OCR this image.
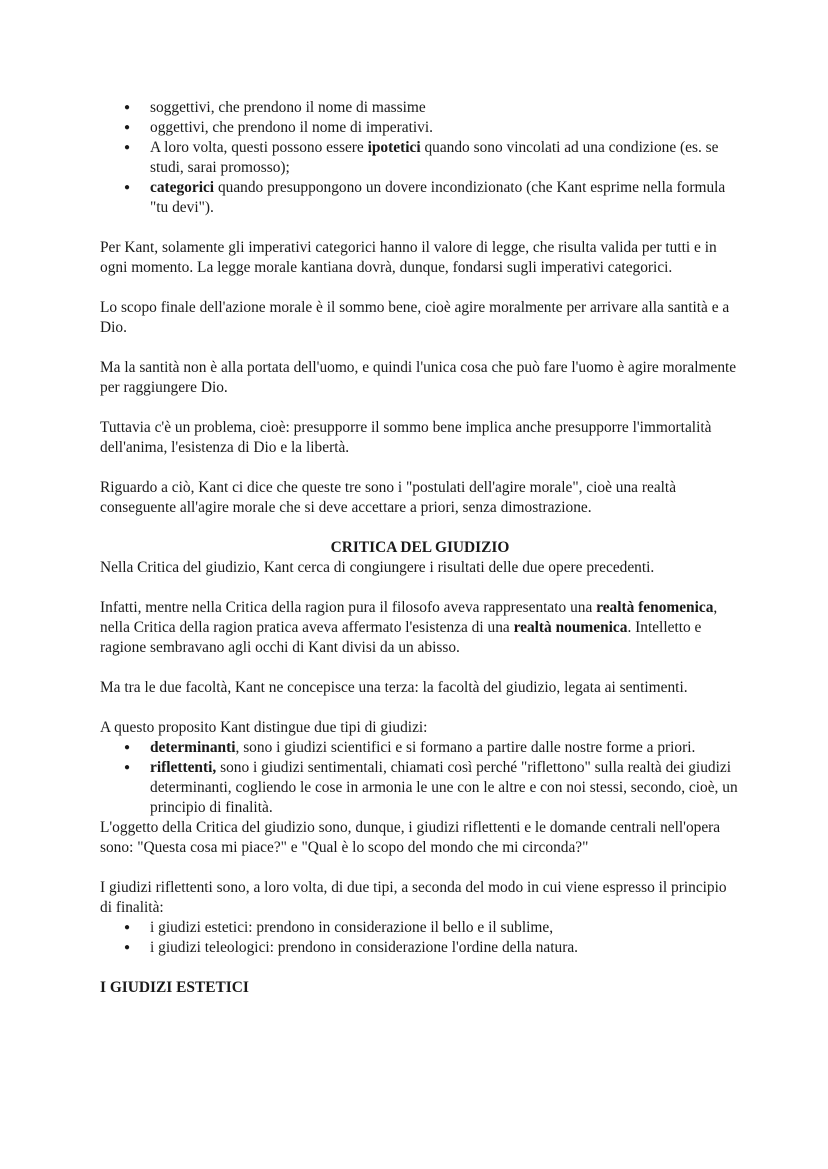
● soggettivi, che prendono il nome di massime
● oggettivi, che prendono il nome di imperativi.
● A loro volta, questi possono essere ipotetici quando sono vincolati ad una condizione (es. se studi, sarai promosso);
● categorici quando presuppongono un dovere incondizionato (che Kant esprime nella formula "tu devi").

Per Kant, solamente gli imperativi categorici hanno il valore di legge, che risulta valida per tutti e in ogni momento. La legge morale kantiana dovrà, dunque, fondarsi sugli imperativi categorici.

Lo scopo finale dell'azione morale è il sommo bene, cioè agire moralmente per arrivare alla santità e a Dio.

Ma la santità non è alla portata dell'uomo, e quindi l'unica cosa che può fare l'uomo è agire moralmente per raggiungere Dio.

Tuttavia c'è un problema, cioè: presupporre il sommo bene implica anche presupporre l'immortalità dell'anima, l'esistenza di Dio e la libertà.

Riguardo a ciò, Kant ci dice che queste tre sono i "postulati dell'agire morale", cioè una realtà conseguente all'agire morale che si deve accettare a priori, senza dimostrazione.

CRITICA DEL GIUDIZIO

Nella Critica del giudizio, Kant cerca di congiungere i risultati delle due opere precedenti.

Infatti, mentre nella Critica della ragion pura il filosofo aveva rappresentato una realtà fenomenica, nella Critica della ragion pratica aveva affermato l'esistenza di una realtà noumenica. Intelletto e ragione sembravano agli occhi di Kant divisi da un abisso.

Ma tra le due facoltà, Kant ne concepisce una terza: la facoltà del giudizio, legata ai sentimenti.

A questo proposito Kant distingue due tipi di giudizi:

● determinanti, sono i giudizi scientifici e si formano a partire dalle nostre forme a priori.
● riflettenti, sono i giudizi sentimentali, chiamati così perché "riflettono" sulla realtà dei giudizi determinanti, cogliendo le cose in armonia le une con le altre e con noi stessi, secondo, cioè, un principio di finalità.

L'oggetto della Critica del giudizio sono, dunque, i giudizi riflettenti e le domande centrali nell'opera sono: "Questa cosa mi piace?" e "Qual è lo scopo del mondo che mi circonda?"

I giudizi riflettenti sono, a loro volta, di due tipi, a seconda del modo in cui viene espresso il principio di finalità:

● i giudizi estetici: prendono in considerazione il bello e il sublime,
● i giudizi teleologici: prendono in considerazione l'ordine della natura.

I GIUDIZI ESTETICI
